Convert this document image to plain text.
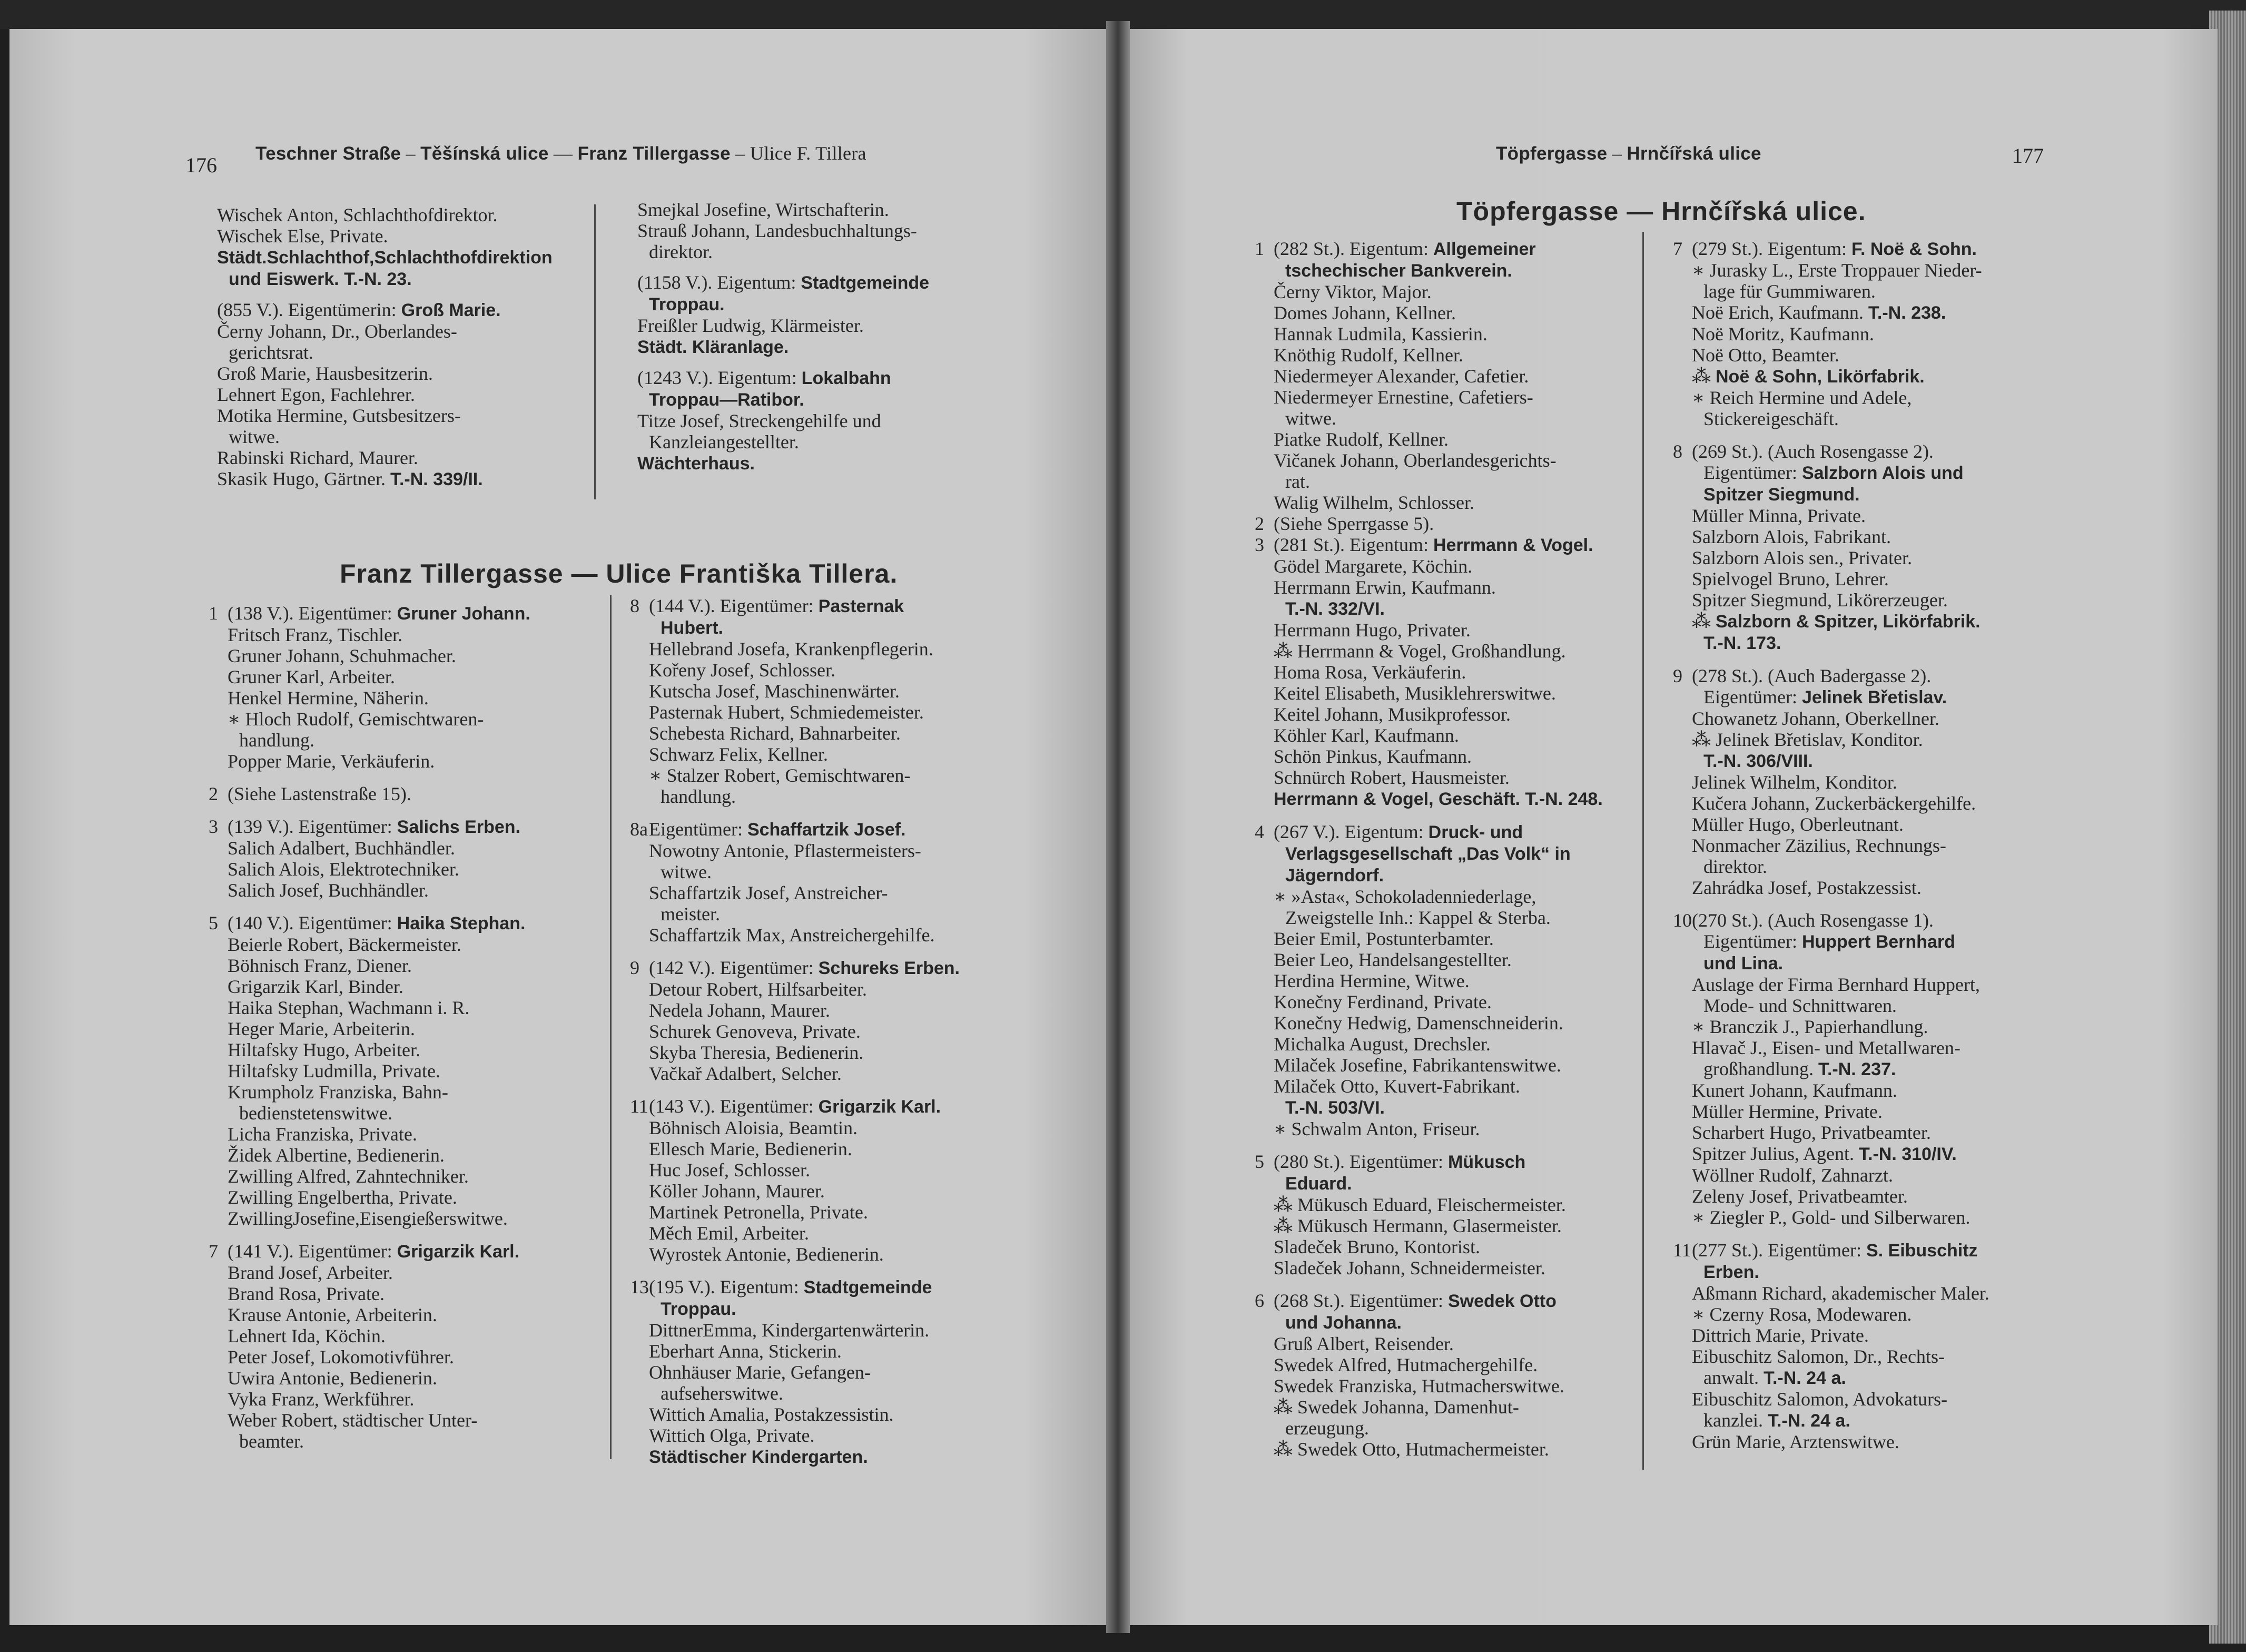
176 Teschner Straße – Těšínská ulice — Franz Tillergasse – Ulice F. Tillera	Töpfergasse – Hrnčířská ulice	177
Franz Tillergasse — Ulice Františka Tillera.
Töpfergasse — Hrnčířská ulice.
Wischek Anton, Schlachthofdirektor.
Wischek Else, Private.
Städt.Schlachthof,Schlachthofdirektion
und Eiswerk. T.-N. 23.
(855 V.). Eigentümerin: Groß Marie.
Černy Johann, Dr., Oberlandes-
gerichtsrat.
Groß Marie, Hausbesitzerin.
Lehnert Egon, Fachlehrer.
Motika Hermine, Gutsbesitzers-
witwe.
Rabinski Richard, Maurer.
Skasik Hugo, Gärtner. T.-N. 339/II.
Smejkal Josefine, Wirtschafterin.
Strauß Johann, Landesbuchhaltungs-
direktor.
(1158 V.). Eigentum: Stadtgemeinde
Troppau.
Freißler Ludwig, Klärmeister.
Städt. Kläranlage.
(1243 V.). Eigentum: Lokalbahn
Troppau—Ratibor.
Titze Josef, Streckengehilfe und
Kanzleiangestellter.
Wächterhaus.
1 (138 V.). Eigentümer: Gruner Johann.
Fritsch Franz, Tischler.
Gruner Johann, Schuhmacher.
Gruner Karl, Arbeiter.
Henkel Hermine, Näherin.
∗ Hloch Rudolf, Gemischtwaren-
handlung.
Popper Marie, Verkäuferin.
2 (Siehe Lastenstraße 15).
3 (139 V.). Eigentümer: Salichs Erben.
Salich Adalbert, Buchhändler.
Salich Alois, Elektrotechniker.
Salich Josef, Buchhändler.
5 (140 V.). Eigentümer: Haika Stephan.
Beierle Robert, Bäckermeister.
Böhnisch Franz, Diener.
Grigarzik Karl, Binder.
Haika Stephan, Wachmann i. R.
Heger Marie, Arbeiterin.
Hiltafsky Hugo, Arbeiter.
Hiltafsky Ludmilla, Private.
Krumpholz Franziska, Bahn-
bedienstetenswitwe.
Licha Franziska, Private.
Židek Albertine, Bedienerin.
Zwilling Alfred, Zahntechniker.
Zwilling Engelbertha, Private.
ZwillingJosefine,Eisengießerswitwe.
7 (141 V.). Eigentümer: Grigarzik Karl.
Brand Josef, Arbeiter.
Brand Rosa, Private.
Krause Antonie, Arbeiterin.
Lehnert Ida, Köchin.
Peter Josef, Lokomotivführer.
Uwira Antonie, Bedienerin.
Vyka Franz, Werkführer.
Weber Robert, städtischer Unter-
beamter.
8 (144 V.). Eigentümer: Pasternak
Hubert.
Hellebrand Josefa, Krankenpflegerin.
Kořeny Josef, Schlosser.
Kutscha Josef, Maschinenwärter.
Pasternak Hubert, Schmiedemeister.
Schebesta Richard, Bahnarbeiter.
Schwarz Felix, Kellner.
∗ Stalzer Robert, Gemischtwaren-
handlung.
8a Eigentümer: Schaffartzik Josef.
Nowotny Antonie, Pflastermeisters-
witwe.
Schaffartzik Josef, Anstreicher-
meister.
Schaffartzik Max, Anstreichergehilfe.
9 (142 V.). Eigentümer: Schureks Erben.
Detour Robert, Hilfsarbeiter.
Nedela Johann, Maurer.
Schurek Genoveva, Private.
Skyba Theresia, Bedienerin.
Vačkař Adalbert, Selcher.
11 (143 V.). Eigentümer: Grigarzik Karl.
Böhnisch Aloisia, Beamtin.
Ellesch Marie, Bedienerin.
Huc Josef, Schlosser.
Köller Johann, Maurer.
Martinek Petronella, Private.
Měch Emil, Arbeiter.
Wyrostek Antonie, Bedienerin.
13 (195 V.). Eigentum: Stadtgemeinde
Troppau.
DittnerEmma, Kindergartenwärterin.
Eberhart Anna, Stickerin.
Ohnhäuser Marie, Gefangen-
aufseherswitwe.
Wittich Amalia, Postakzessistin.
Wittich Olga, Private.
Städtischer Kindergarten.
1 (282 St.). Eigentum: Allgemeiner
tschechischer Bankverein.
Černy Viktor, Major.
Domes Johann, Kellner.
Hannak Ludmila, Kassierin.
Knöthig Rudolf, Kellner.
Niedermeyer Alexander, Cafetier.
Niedermeyer Ernestine, Cafetiers-
witwe.
Piatke Rudolf, Kellner.
Vičanek Johann, Oberlandesgerichts-
rat.
Walig Wilhelm, Schlosser.
2 (Siehe Sperrgasse 5).
3 (281 St.). Eigentum: Herrmann & Vogel.
Gödel Margarete, Köchin.
Herrmann Erwin, Kaufmann.
T.-N. 332/VI.
Herrmann Hugo, Privater.
⁂ Herrmann & Vogel, Großhandlung.
Homa Rosa, Verkäuferin.
Keitel Elisabeth, Musiklehrerswitwe.
Keitel Johann, Musikprofessor.
Köhler Karl, Kaufmann.
Schön Pinkus, Kaufmann.
Schnürch Robert, Hausmeister.
Herrmann & Vogel, Geschäft. T.-N. 248.
4 (267 V.). Eigentum: Druck- und
Verlagsgesellschaft „Das Volk“ in
Jägerndorf.
∗ »Asta«, Schokoladenniederlage,
Zweigstelle Inh.: Kappel & Sterba.
Beier Emil, Postunterbamter.
Beier Leo, Handelsangestellter.
Herdina Hermine, Witwe.
Konečny Ferdinand, Private.
Konečny Hedwig, Damenschneiderin.
Michalka August, Drechsler.
Milaček Josefine, Fabrikantenswitwe.
Milaček Otto, Kuvert-Fabrikant.
T.-N. 503/VI.
∗ Schwalm Anton, Friseur.
5 (280 St.). Eigentümer: Mükusch
Eduard.
⁂ Mükusch Eduard, Fleischermeister.
⁂ Mükusch Hermann, Glasermeister.
Sladeček Bruno, Kontorist.
Sladeček Johann, Schneidermeister.
6 (268 St.). Eigentümer: Swedek Otto
und Johanna.
Gruß Albert, Reisender.
Swedek Alfred, Hutmachergehilfe.
Swedek Franziska, Hutmacherswitwe.
⁂ Swedek Johanna, Damenhut-
erzeugung.
⁂ Swedek Otto, Hutmachermeister.
7 (279 St.). Eigentum: F. Noë & Sohn.
∗ Jurasky L., Erste Troppauer Nieder-
lage für Gummiwaren.
Noë Erich, Kaufmann. T.-N. 238.
Noë Moritz, Kaufmann.
Noë Otto, Beamter.
⁂ Noë & Sohn, Likörfabrik.
∗ Reich Hermine und Adele,
Stickereigeschäft.
8 (269 St.). (Auch Rosengasse 2).
Eigentümer: Salzborn Alois und
Spitzer Siegmund.
Müller Minna, Private.
Salzborn Alois, Fabrikant.
Salzborn Alois sen., Privater.
Spielvogel Bruno, Lehrer.
Spitzer Siegmund, Likörerzeuger.
⁂ Salzborn & Spitzer, Likörfabrik.
T.-N. 173.
9 (278 St.). (Auch Badergasse 2).
Eigentümer: Jelinek Břetislav.
Chowanetz Johann, Oberkellner.
⁂ Jelinek Břetislav, Konditor.
T.-N. 306/VIII.
Jelinek Wilhelm, Konditor.
Kučera Johann, Zuckerbäckergehilfe.
Müller Hugo, Oberleutnant.
Nonmacher Zäzilius, Rechnungs-
direktor.
Zahrádka Josef, Postakzessist.
10 (270 St.). (Auch Rosengasse 1).
Eigentümer: Huppert Bernhard
und Lina.
Auslage der Firma Bernhard Huppert,
Mode- und Schnittwaren.
∗ Branczik J., Papierhandlung.
Hlavač J., Eisen- und Metallwaren-
großhandlung. T.-N. 237.
Kunert Johann, Kaufmann.
Müller Hermine, Private.
Scharbert Hugo, Privatbeamter.
Spitzer Julius, Agent. T.-N. 310/IV.
Wöllner Rudolf, Zahnarzt.
Zeleny Josef, Privatbeamter.
∗ Ziegler P., Gold- und Silberwaren.
11 (277 St.). Eigentümer: S. Eibuschitz
Erben.
Aßmann Richard, akademischer Maler.
∗ Czerny Rosa, Modewaren.
Dittrich Marie, Private.
Eibuschitz Salomon, Dr., Rechts-
anwalt. T.-N. 24 a.
Eibuschitz Salomon, Advokaturs-
kanzlei. T.-N. 24 a.
Grün Marie, Arztenswitwe.
